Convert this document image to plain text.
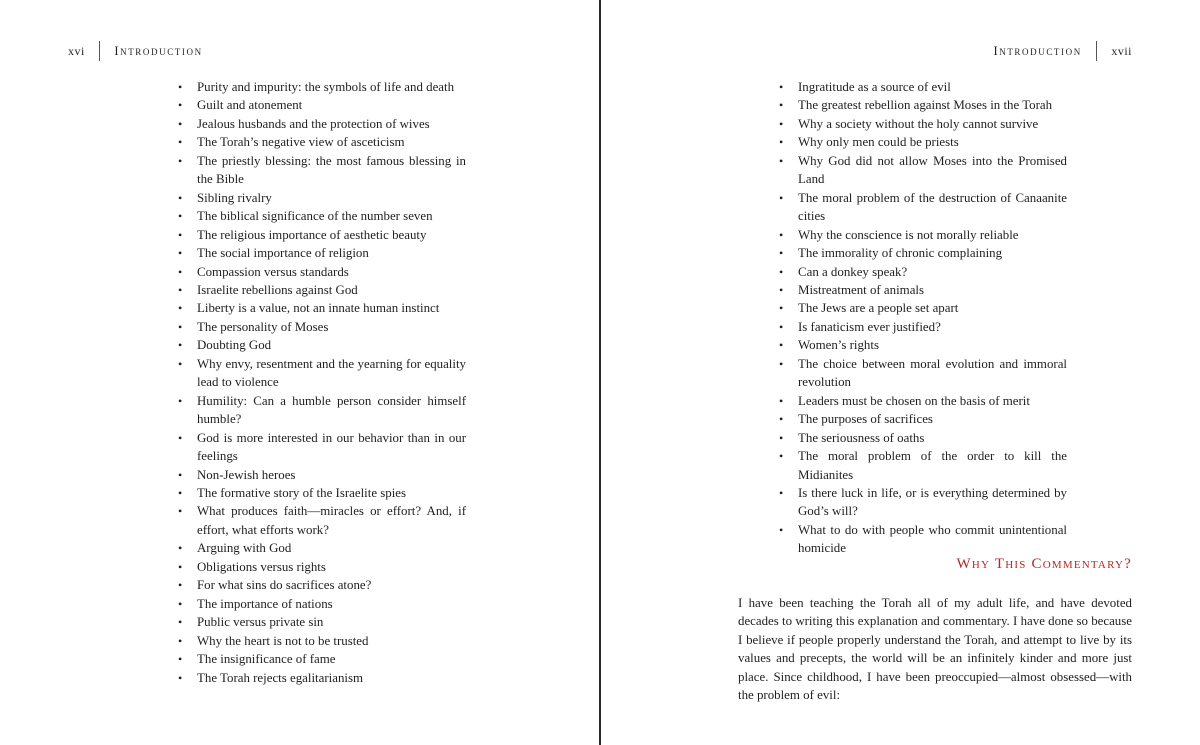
xvi Introduction
• Purity and impurity: the symbols of life and death
• Guilt and atonement
• Jealous husbands and the protection of wives
• The Torah’s negative view of asceticism
• The priestly blessing: the most famous blessing in the Bible
• Sibling rivalry
• The biblical significance of the number seven
• The religious importance of aesthetic beauty
• The social importance of religion
• Compassion versus standards
• Israelite rebellions against God
• Liberty is a value, not an innate human instinct
• The personality of Moses
• Doubting God
• Why envy, resentment and the yearning for equality lead to violence
• Humility: Can a humble person consider himself humble?
• God is more interested in our behavior than in our feelings
• Non-Jewish heroes
• The formative story of the Israelite spies
• What produces faith—miracles or effort? And, if effort, what efforts work?
• Arguing with God
• Obligations versus rights
• For what sins do sacrifices atone?
• The importance of nations
• Public versus private sin
• Why the heart is not to be trusted
• The insignificance of fame
• The Torah rejects egalitarianism
Introduction xvii
• Ingratitude as a source of evil
• The greatest rebellion against Moses in the Torah
• Why a society without the holy cannot survive
• Why only men could be priests
• Why God did not allow Moses into the Promised Land
• The moral problem of the destruction of Canaanite cities
• Why the conscience is not morally reliable
• The immorality of chronic complaining
• Can a donkey speak?
• Mistreatment of animals
• The Jews are a people set apart
• Is fanaticism ever justified?
• Women’s rights
• The choice between moral evolution and immoral revolution
• Leaders must be chosen on the basis of merit
• The purposes of sacrifices
• The seriousness of oaths
• The moral problem of the order to kill the Midianites
• Is there luck in life, or is everything determined by God’s will?
• What to do with people who commit unintentional homicide
Why This Commentary?

I have been teaching the Torah all of my adult life, and have devoted decades to writing this explanation and commentary. I have done so because I believe if people properly understand the Torah, and attempt to live by its values and precepts, the world will be an infinitely kinder and more just place. Since childhood, I have been preoccupied—almost obsessed—with the problem of evil:
